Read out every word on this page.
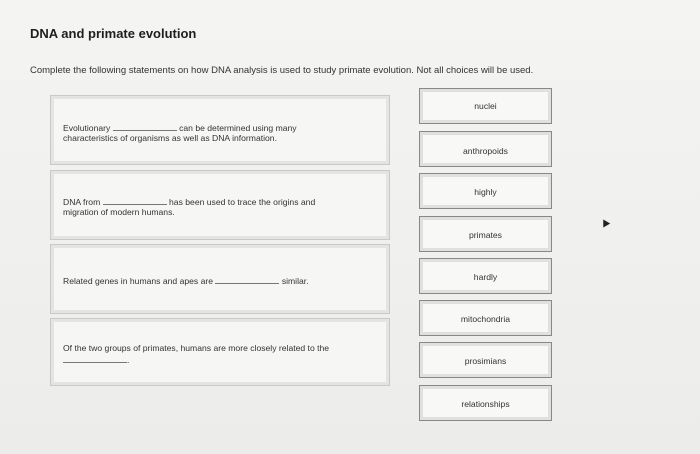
DNA and primate evolution
Complete the following statements on how DNA analysis is used to study primate evolution. Not all choices will be used.
Evolutionary	can be determined using many
characteristics of organisms as well as DNA information.
DNA from	has been used to trace the origins and
migration of modern humans.
Related genes in humans and apes are	similar.
Of the two groups of primates, humans are more closely related to the
.
nuclei
anthropoids
highly
primates
hardly
mitochondria
prosimians
relationships
